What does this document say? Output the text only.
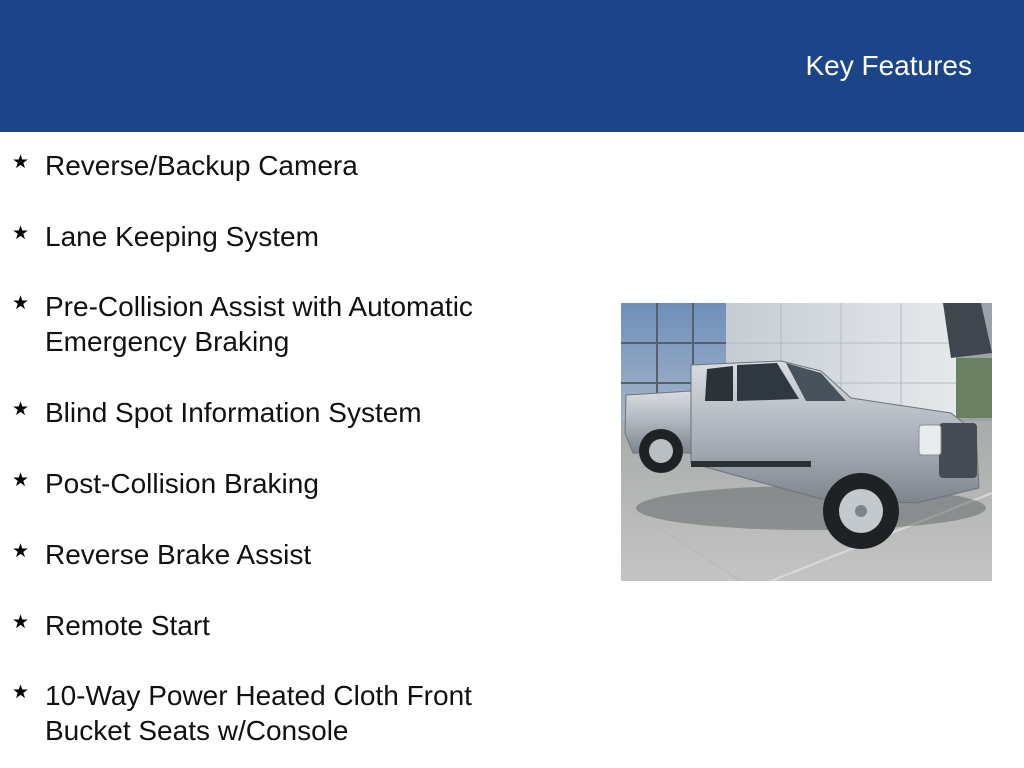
Key Features
★ Reverse/Backup Camera
★ Lane Keeping System
★ Pre-Collision Assist with Automatic Emergency Braking
★ Blind Spot Information System
★ Post-Collision Braking
★ Reverse Brake Assist
★ Remote Start
★ 10-Way Power Heated Cloth Front Bucket Seats w/Console
